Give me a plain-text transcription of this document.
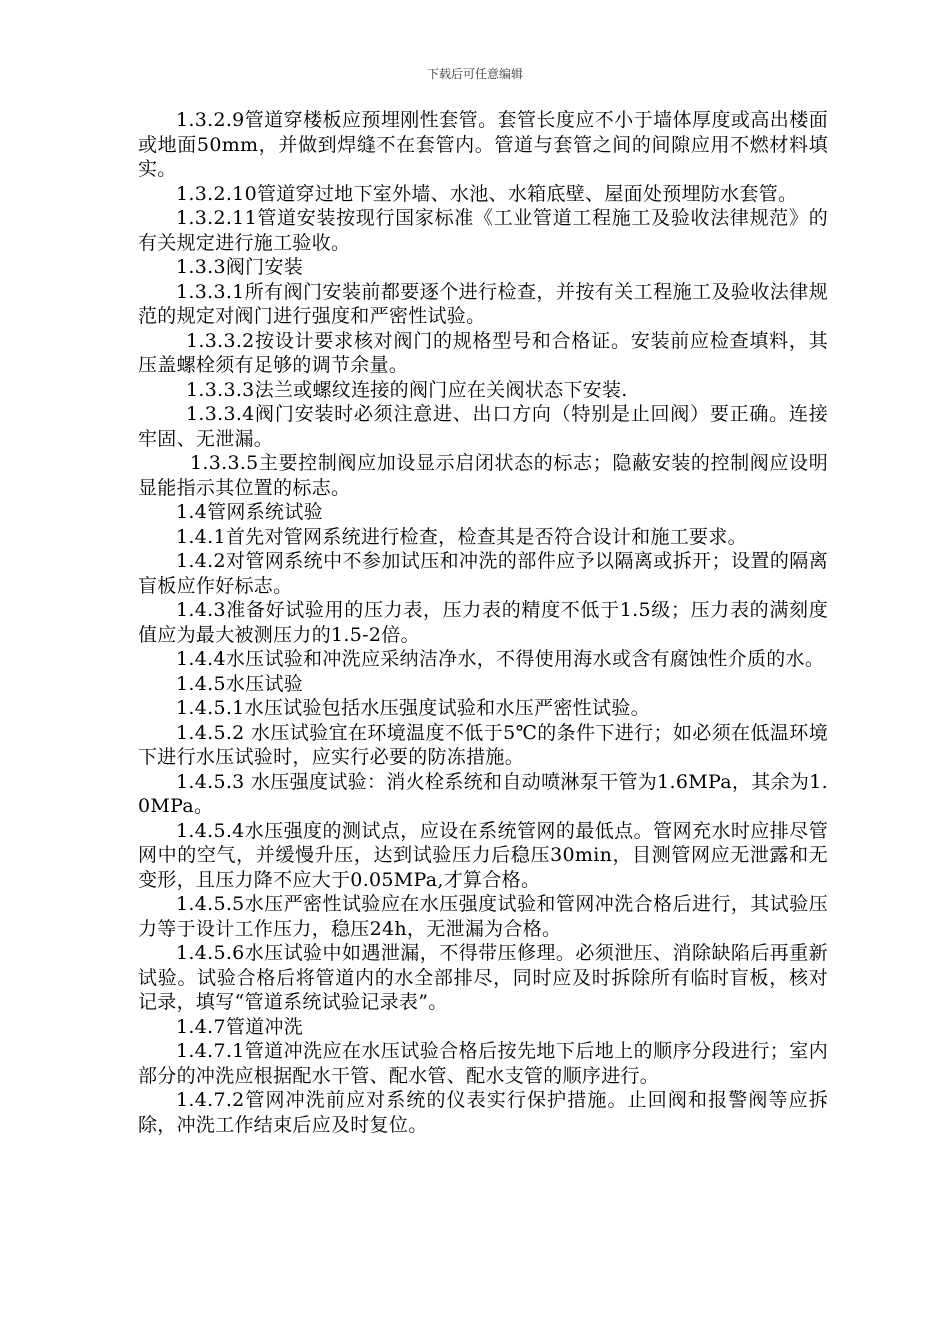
下载后可任意编辑

1.3.2.9管道穿楼板应预埋刚性套管。套管长度应不小于墙体厚度或高出楼面或地面50mm，并做到焊缝不在套管内。管道与套管之间的间隙应用不燃材料填实。

1.3.2.10管道穿过地下室外墙、水池、水箱底壁、屋面处预埋防水套管。

1.3.2.11管道安装按现行国家标准《工业管道工程施工及验收法律规范》的有关规定进行施工验收。

1.3.3阀门安装

1.3.3.1所有阀门安装前都要逐个进行检查，并按有关工程施工及验收法律规范的规定对阀门进行强度和严密性试验。

1.3.3.2按设计要求核对阀门的规格型号和合格证。安装前应检查填料，其压盖螺栓须有足够的调节余量。

1.3.3.3法兰或螺纹连接的阀门应在关阀状态下安装.

1.3.3.4阀门安装时必须注意进、出口方向（特别是止回阀）要正确。连接牢固、无泄漏。

1.3.3.5主要控制阀应加设显示启闭状态的标志；隐蔽安装的控制阀应设明显能指示其位置的标志。

1.4管网系统试验

1.4.1首先对管网系统进行检查，检查其是否符合设计和施工要求。

1.4.2对管网系统中不参加试压和冲洗的部件应予以隔离或拆开；设置的隔离盲板应作好标志。

1.4.3准备好试验用的压力表，压力表的精度不低于1.5级；压力表的满刻度值应为最大被测压力的1.5-2倍。

1.4.4水压试验和冲洗应采纳洁净水，不得使用海水或含有腐蚀性介质的水。

1.4.5水压试验

1.4.5.1水压试验包括水压强度试验和水压严密性试验。

1.4.5.2 水压试验宜在环境温度不低于5℃的条件下进行；如必须在低温环境下进行水压试验时，应实行必要的防冻措施。

1.4.5.3 水压强度试验：消火栓系统和自动喷淋泵干管为1.6MPa，其余为1.0MPa。

1.4.5.4水压强度的测试点，应设在系统管网的最低点。管网充水时应排尽管网中的空气，并缓慢升压，达到试验压力后稳压30min，目测管网应无泄露和无变形，且压力降不应大于0.05MPa,才算合格。

1.4.5.5水压严密性试验应在水压强度试验和管网冲洗合格后进行，其试验压力等于设计工作压力，稳压24h，无泄漏为合格。

1.4.5.6水压试验中如遇泄漏，不得带压修理。必须泄压、消除缺陷后再重新试验。试验合格后将管道内的水全部排尽，同时应及时拆除所有临时盲板，核对记录，填写“管道系统试验记录表”。

1.4.7管道冲洗

1.4.7.1管道冲洗应在水压试验合格后按先地下后地上的顺序分段进行；室内部分的冲洗应根据配水干管、配水管、配水支管的顺序进行。

1.4.7.2管网冲洗前应对系统的仪表实行保护措施。止回阀和报警阀等应拆除，冲洗工作结束后应及时复位。
